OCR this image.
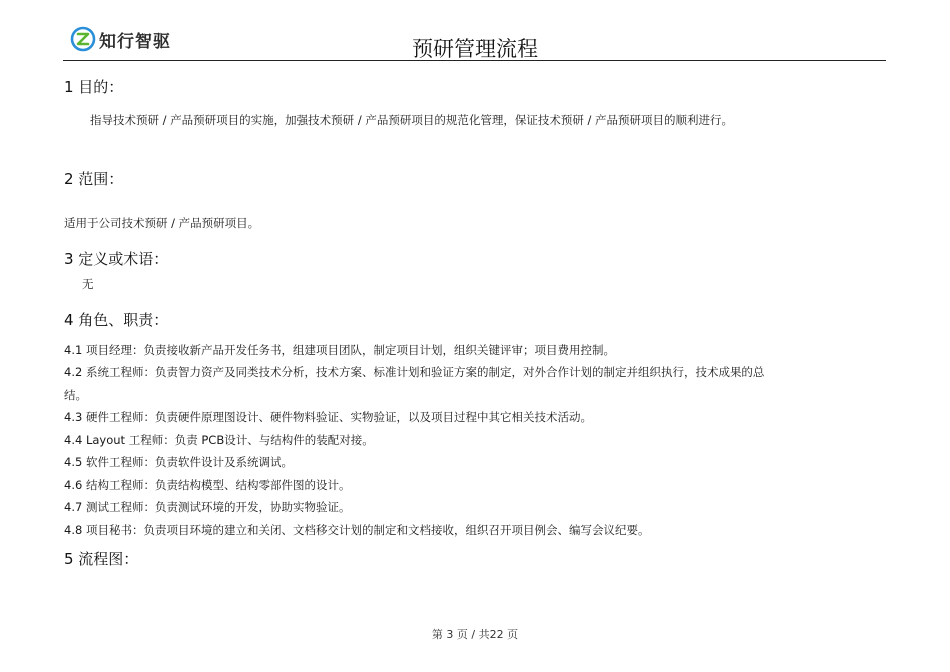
知行智驱	预研管理流程
1 目的：
指导技术预研 / 产品预研项目的实施，加强技术预研 / 产品预研项目的规范化管理，保证技术预研 / 产品预研项目的顺利进行。
2 范围：
适用于公司技术预研 / 产品预研项目。
3 定义或术语：
无
4 角色、职责：
4.1 项目经理：负责接收新产品开发任务书，组建项目团队，制定项目计划，组织关键评审；项目费用控制。
4.2 系统工程师：负责智力资产及同类技术分析，技术方案、标准计划和验证方案的制定，对外合作计划的制定并组织执行，技术成果的总
结。
4.3 硬件工程师：负责硬件原理图设计、硬件物料验证、实物验证，以及项目过程中其它相关技术活动。
4.4 Layout 工程师：负责 PCB设计、与结构件的装配对接。
4.5 软件工程师：负责软件设计及系统调试。
4.6 结构工程师：负责结构模型、结构零部件图的设计。
4.7 测试工程师：负责测试环境的开发，协助实物验证。
4.8 项目秘书：负责项目环境的建立和关闭、文档移交计划的制定和文档接收，组织召开项目例会、编写会议纪要。
5 流程图：
第 3 页 / 共22 页
